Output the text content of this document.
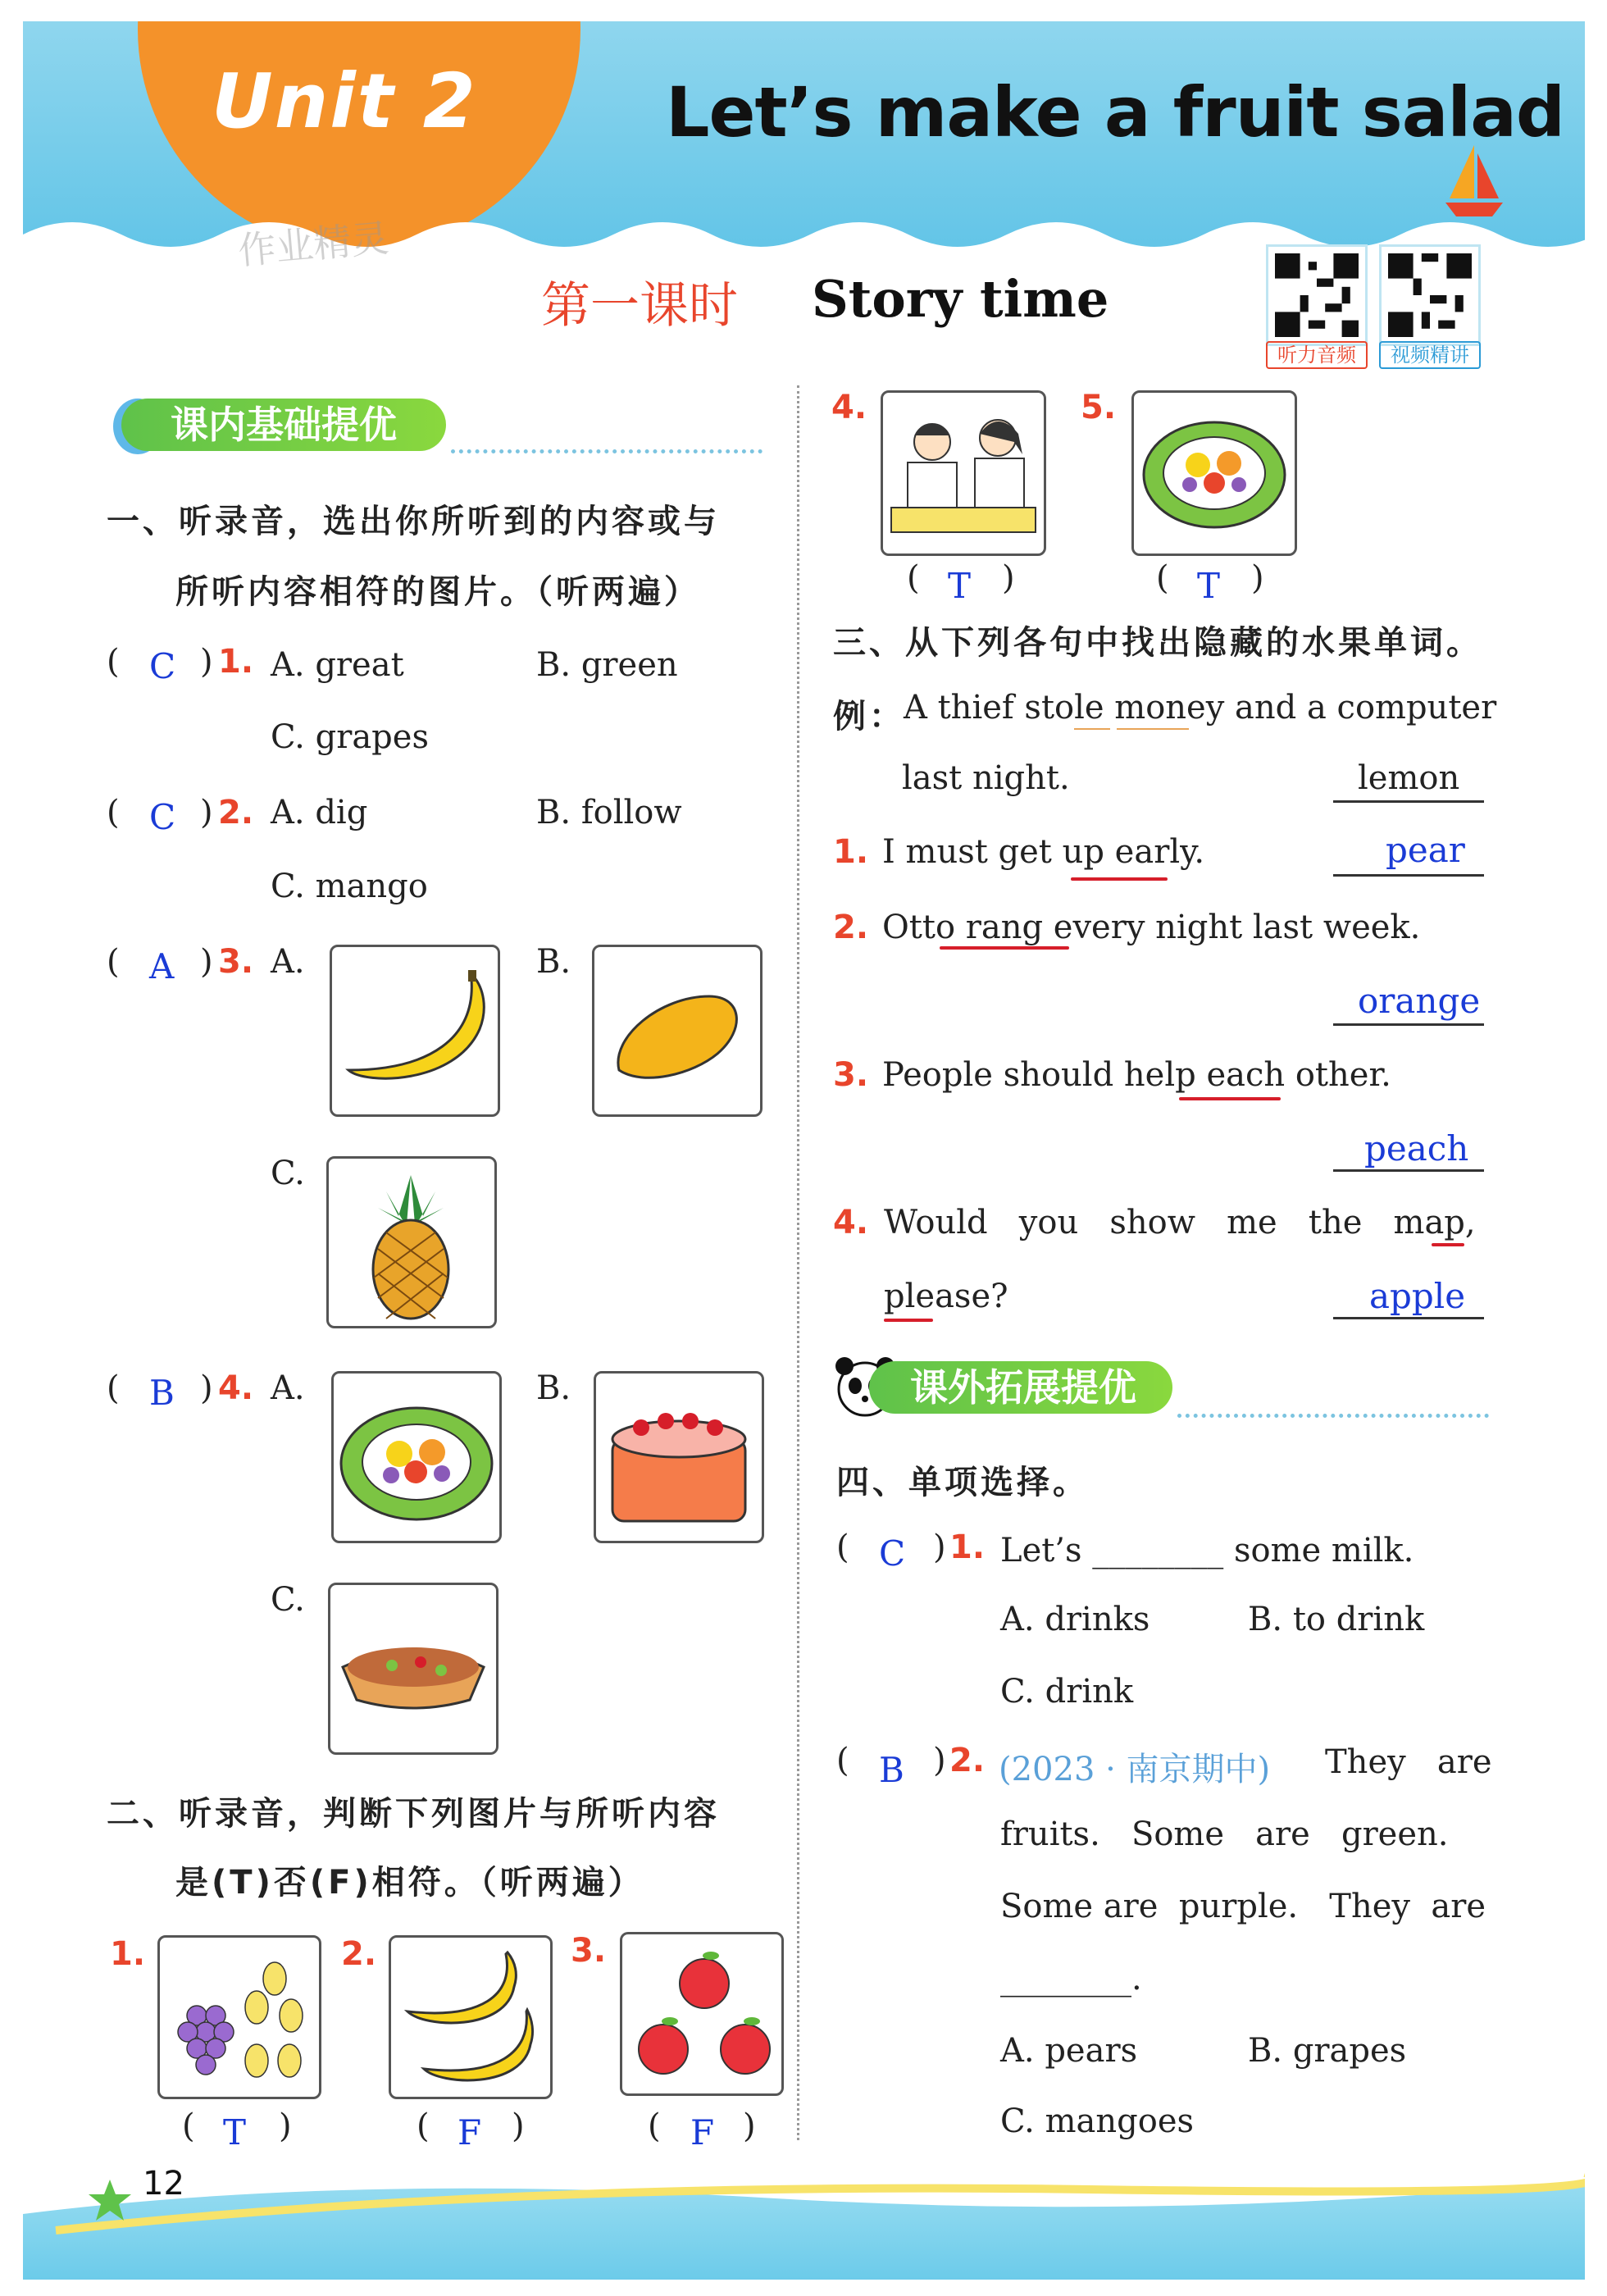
Unit 2	Let’s make a fruit salad
作业精灵
第一课时 Story time
听力音频	视频精讲
课内基础提优
一、听录音，选出你所听到的内容或与
所听内容相符的图片。（听两遍）
( C ) 1. A. great	B. green
C. grapes
( C ) 2. A. dig	B. follow
C. mango
( A ) 3. A.	B.
C.
( B ) 4. A.	B.
C.
二、听录音，判断下列图片与所听内容
是(T)否(F)相符。（听两遍）
1.
( T )
2.
( F )
3.
( F )
4.
( T )
5.
( T )
三、从下列各句中找出隐藏的水果单词。
例：
A thief stole money and a computer
last night.	lemon
1. I must get up early.	pear
2. Otto rang every night last week.
orange
3. People should help each other.
peach
4. Would   you   show   me   the   map,
please?	apple
课外拓展提优
四、单项选择。
( C ) 1. Let’s ________ some milk.
A. drinks	B. to drink
C. drink
( B ) 2. (2023 · 南京期中) They   are
fruits.   Some   are   green.
Some are  purple.   They  are
________.
A. pears	B. grapes
C. mangoes
12
